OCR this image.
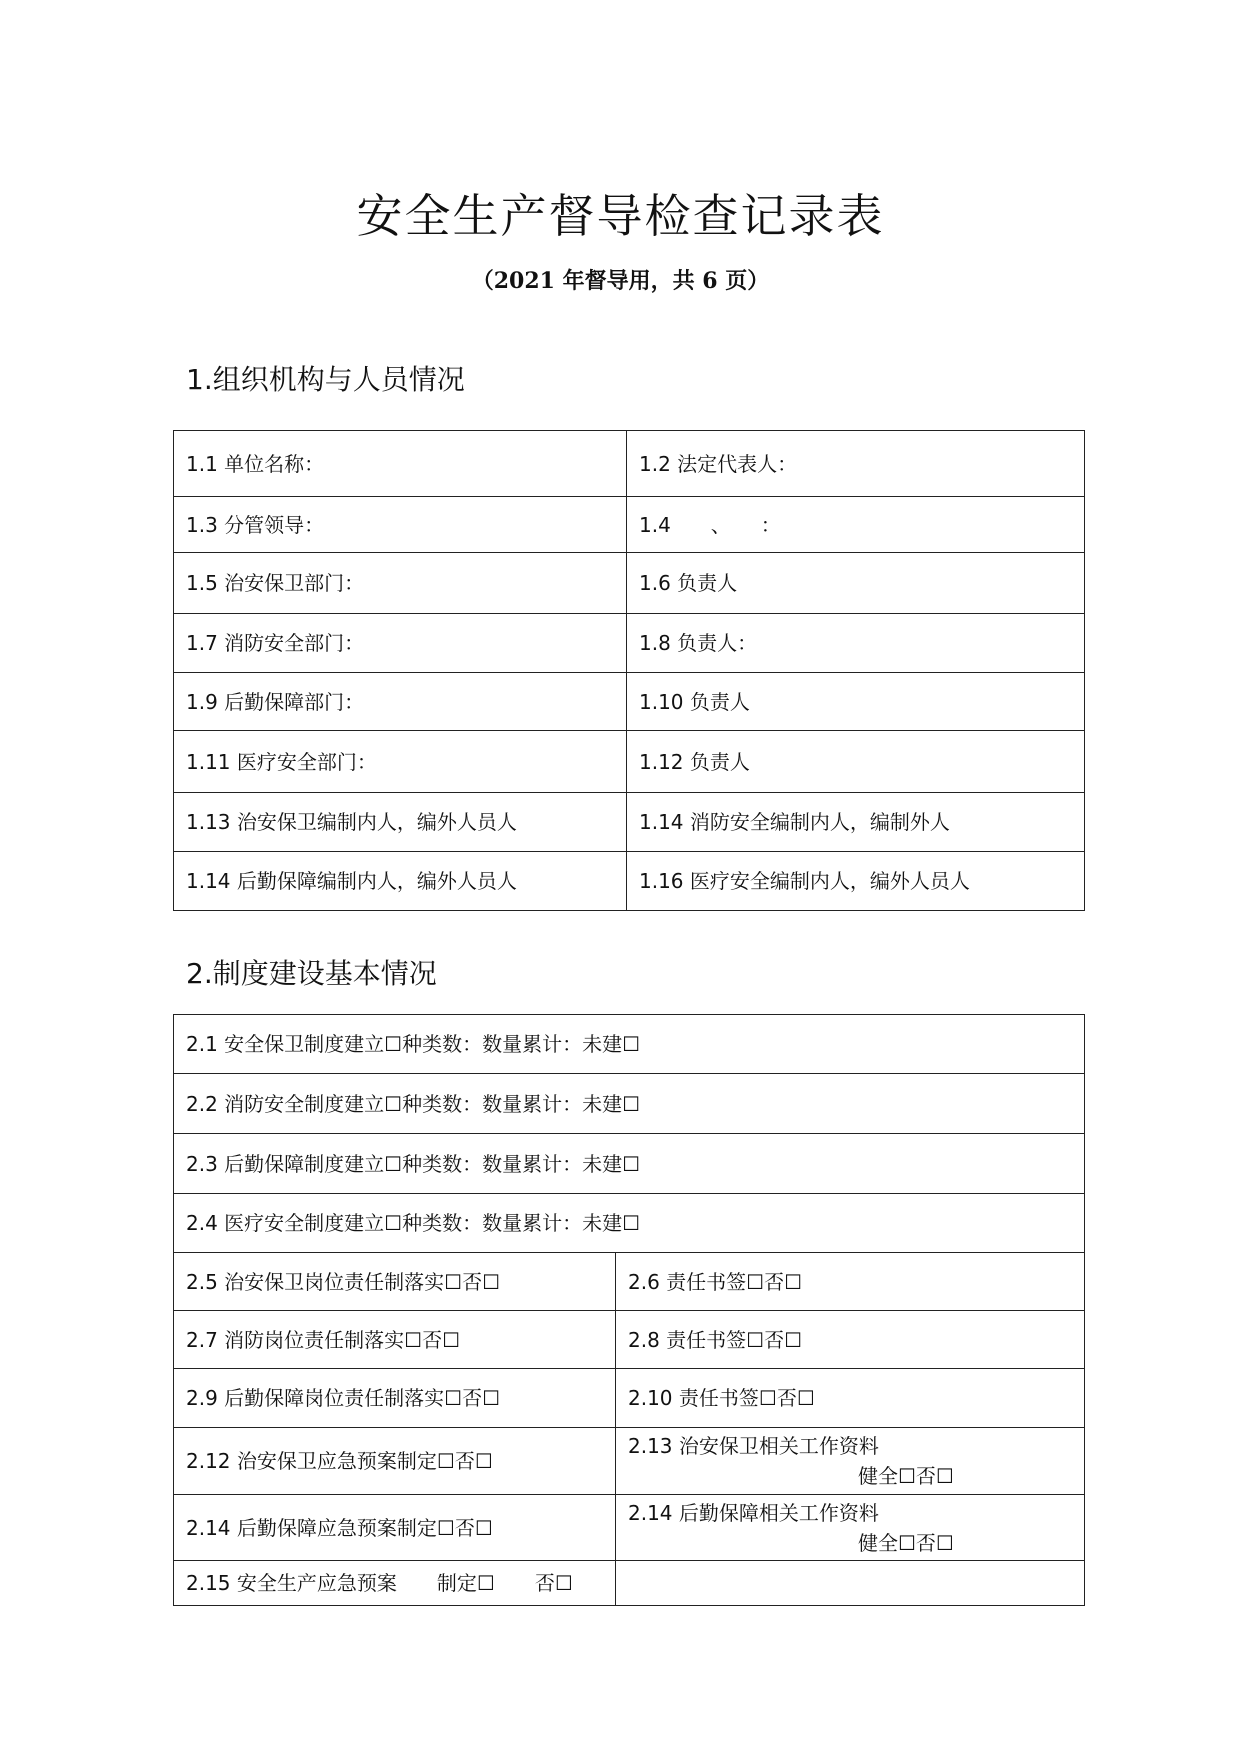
安全生产督导检查记录表
（2021 年督导用，共 6 页）
1.组织机构与人员情况
1.1 单位名称：	1.2 法定代表人：
1.3 分管领导：	1.4　　、　　：
1.5 治安保卫部门：	1.6 负责人
1.7 消防安全部门：	1.8 负责人：
1.9 后勤保障部门：	1.10 负责人
1.11 医疗安全部门：	1.12 负责人
1.13 治安保卫编制内人，编外人员人	1.14 消防安全编制内人，编制外人
1.14 后勤保障编制内人，编外人员人	1.16 医疗安全编制内人，编外人员人
2.制度建设基本情况
2.1 安全保卫制度建立☐种类数：数量累计：未建☐	
2.2 消防安全制度建立☐种类数：数量累计：未建☐	
2.3 后勤保障制度建立☐种类数：数量累计：未建☐	
2.4 医疗安全制度建立☐种类数：数量累计：未建☐	
2.5 治安保卫岗位责任制落实☐否☐	2.6 责任书签☐否☐
2.7 消防岗位责任制落实☐否☐	2.8 责任书签☐否☐
2.9 后勤保障岗位责任制落实☐否☐	2.10 责任书签☐否☐
2.12 治安保卫应急预案制定☐否☐	2.13 治安保卫相关工作资料
健全☐否☐

2.14 后勤保障应急预案制定☐否☐	2.14 后勤保障相关工作资料
健全☐否☐

2.15 安全生产应急预案　　制定☐　　否☐	
